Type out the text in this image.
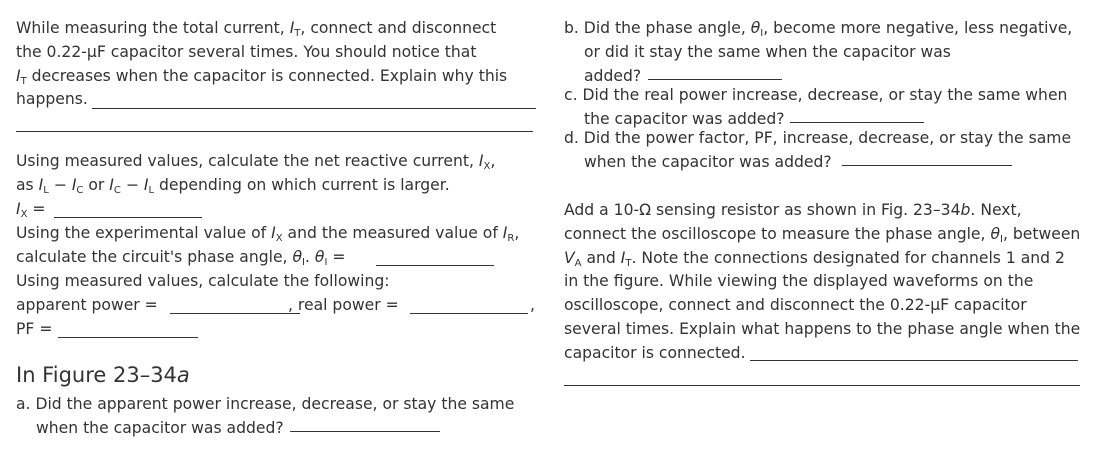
While measuring the total current, $I_T$, connect and disconnect
the 0.22-μF capacitor several times. You should notice that
$I_T$ decreases when the capacitor is connected. Explain why this
happens.

Using measured values, calculate the net reactive current, $I_X$,
as $I_L - I_C$ or $I_C - I_L$ depending on which current is larger.
$I_X$ =

Using the experimental value of $I_X$ and the measured value of $I_R$,
calculate the circuit's phase angle, $\theta_I$. $\theta_I$ =

Using measured values, calculate the following:

apparent power =	, real power =	,
PF =
In Figure 23–34a

a. Did the apparent power increase, decrease, or stay the same
when the capacitor was added?

b. Did the phase angle, $\theta_I$, become more negative, less negative,
or did it stay the same when the capacitor was
added?

c. Did the real power increase, decrease, or stay the same when
the capacitor was added?

d. Did the power factor, PF, increase, decrease, or stay the same
when the capacitor was added?

Add a 10-Ω sensing resistor as shown in Fig. 23–34b. Next,
connect the oscilloscope to measure the phase angle, $\theta_I$, between
$V_A$ and $I_T$. Note the connections designated for channels 1 and 2
in the figure. While viewing the displayed waveforms on the
oscilloscope, connect and disconnect the 0.22-μF capacitor
several times. Explain what happens to the phase angle when the
capacitor is connected.
